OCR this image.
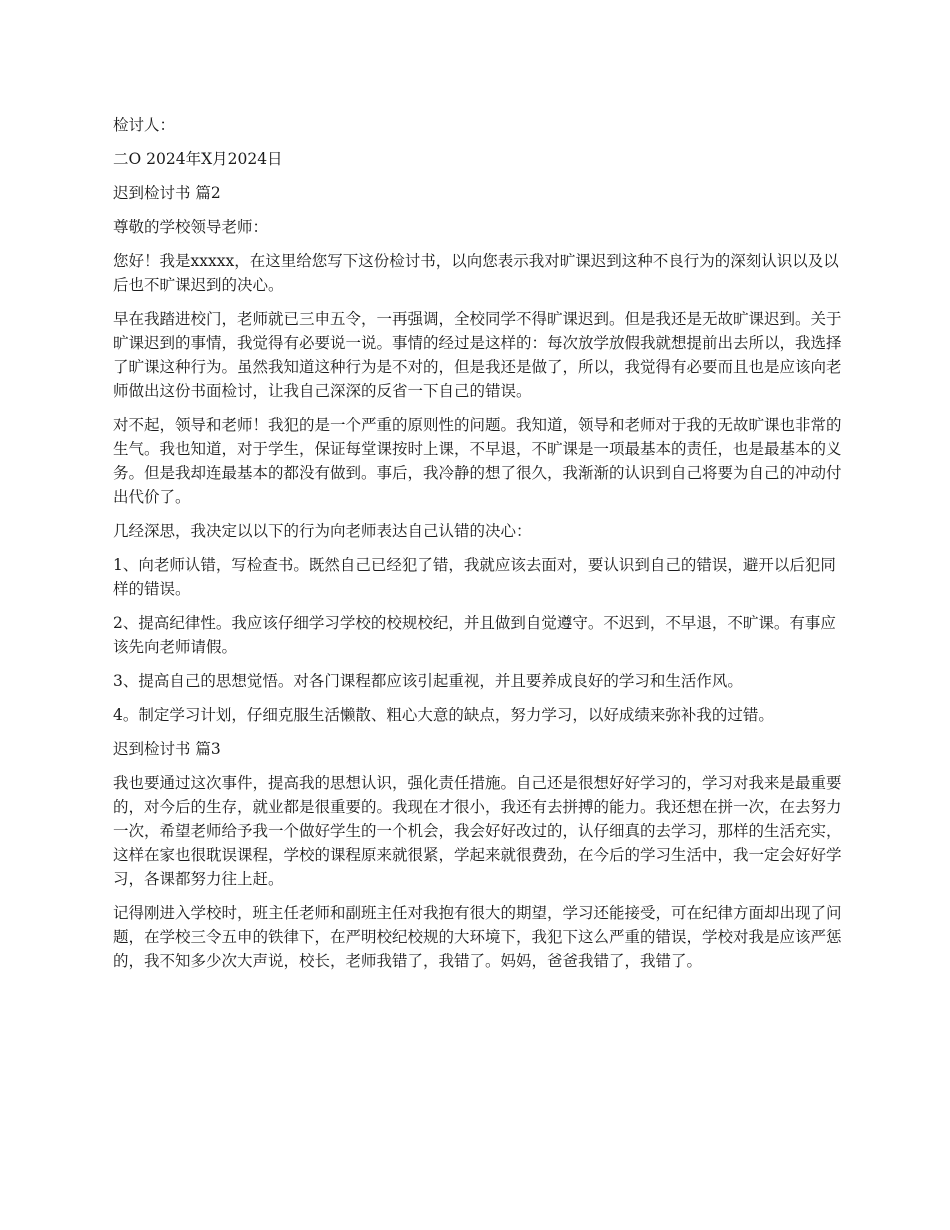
检讨人：

二O 2024年X月2024日

迟到检讨书 篇2

尊敬的学校领导老师：

您好！我是xxxxx，在这里给您写下这份检讨书，以向您表示我对旷课迟到这种不良行为的深刻认识以及以后也不旷课迟到的决心。

早在我踏进校门，老师就已三申五令，一再强调，全校同学不得旷课迟到。但是我还是无故旷课迟到。关于旷课迟到的事情，我觉得有必要说一说。事情的经过是这样的：每次放学放假我就想提前出去所以，我选择了旷课这种行为。虽然我知道这种行为是不对的，但是我还是做了，所以，我觉得有必要而且也是应该向老师做出这份书面检讨，让我自己深深的反省一下自己的错误。

对不起，领导和老师！我犯的是一个严重的原则性的问题。我知道，领导和老师对于我的无故旷课也非常的生气。我也知道，对于学生，保证每堂课按时上课，不早退，不旷课是一项最基本的责任，也是最基本的义务。但是我却连最基本的都没有做到。事后，我冷静的想了很久，我渐渐的认识到自己将要为自己的冲动付出代价了。

几经深思，我决定以以下的行为向老师表达自己认错的决心：

1、向老师认错，写检查书。既然自己已经犯了错，我就应该去面对，要认识到自己的错误，避开以后犯同样的错误。

2、提高纪律性。我应该仔细学习学校的校规校纪，并且做到自觉遵守。不迟到，不早退，不旷课。有事应该先向老师请假。

3、提高自己的思想觉悟。对各门课程都应该引起重视，并且要养成良好的学习和生活作风。

4。制定学习计划，仔细克服生活懒散、粗心大意的缺点，努力学习，以好成绩来弥补我的过错。

迟到检讨书 篇3

我也要通过这次事件，提高我的思想认识，强化责任措施。自己还是很想好好学习的，学习对我来是最重要的，对今后的生存，就业都是很重要的。我现在才很小，我还有去拼搏的能力。我还想在拼一次，在去努力一次，希望老师给予我一个做好学生的一个机会，我会好好改过的，认仔细真的去学习，那样的生活充实，这样在家也很耽误课程，学校的课程原来就很紧，学起来就很费劲，在今后的学习生活中，我一定会好好学习，各课都努力往上赶。

记得刚进入学校时，班主任老师和副班主任对我抱有很大的期望，学习还能接受，可在纪律方面却出现了问题，在学校三令五申的铁律下，在严明校纪校规的大环境下，我犯下这么严重的错误，学校对我是应该严惩的，我不知多少次大声说，校长，老师我错了，我错了。妈妈，爸爸我错了，我错了。
